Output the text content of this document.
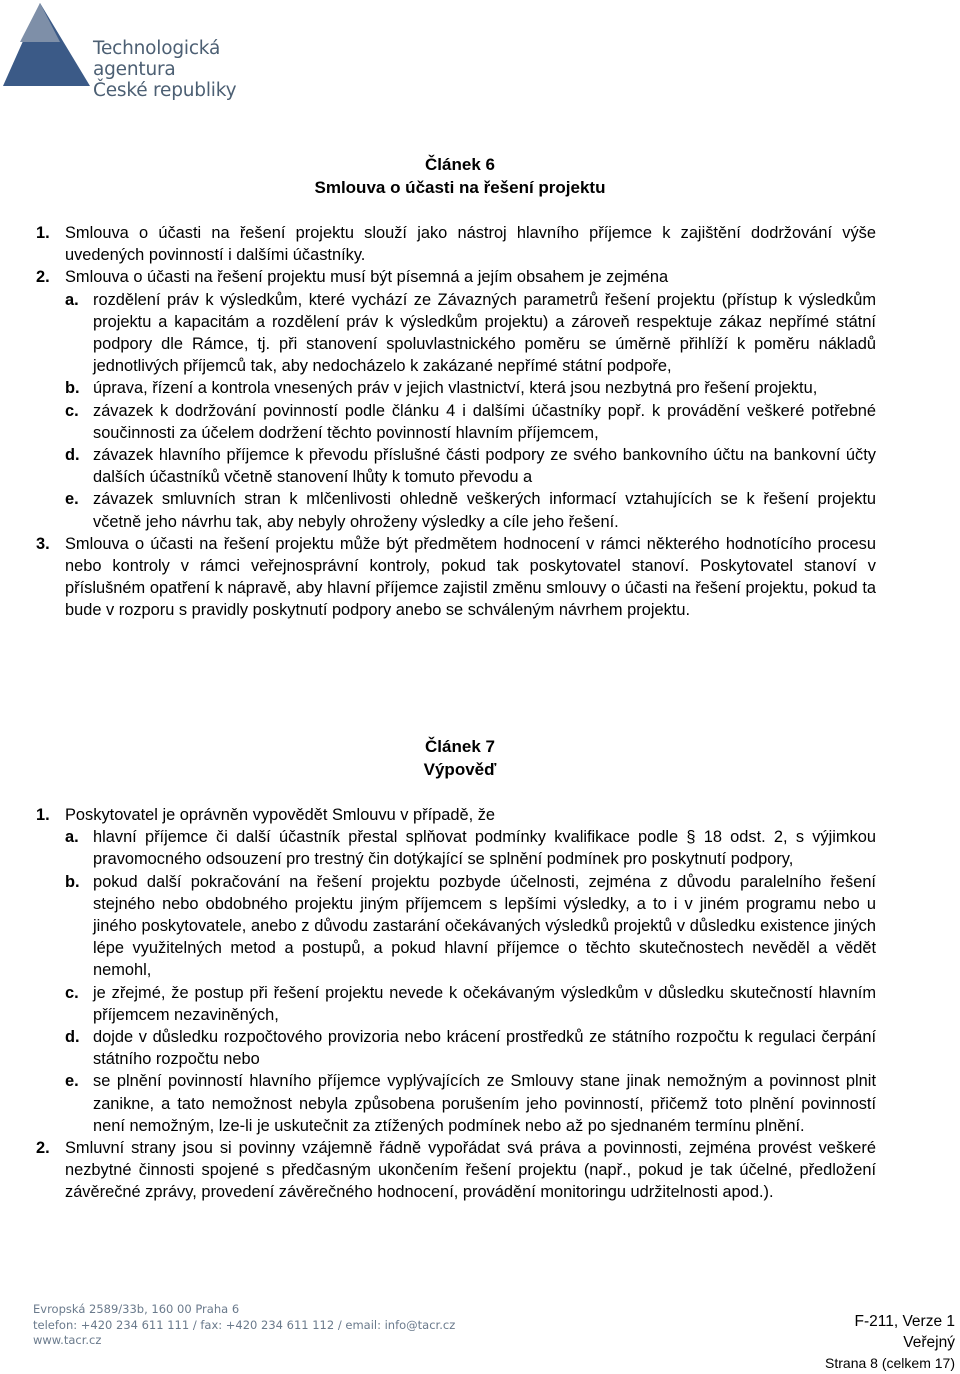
Technologická agentura
České republiky
Článek 6
Smlouva o účasti na řešení projektu
1. Smlouva o účasti na řešení projektu slouží jako nástroj hlavního příjemce k zajištění dodržování výše uvedených povinností i dalšími účastníky.
2. Smlouva o účasti na řešení projektu musí být písemná a jejím obsahem je zejména
a. rozdělení práv k výsledkům, které vychází ze Závazných parametrů řešení projektu (přístup k výsledkům projektu a kapacitám a rozdělení práv k výsledkům projektu) a zároveň respektuje zákaz nepřímé státní podpory dle Rámce, tj. při stanovení spoluvlastnického poměru se úměrně přihlíží k poměru nákladů jednotlivých příjemců tak, aby nedocházelo k zakázané nepřímé státní podpoře,
b. úprava, řízení a kontrola vnesených práv v jejich vlastnictví, která jsou nezbytná pro řešení projektu,
c. závazek k dodržování povinností podle článku 4 i dalšími účastníky popř. k provádění veškeré potřebné součinnosti za účelem dodržení těchto povinností hlavním příjemcem,
d. závazek hlavního příjemce k převodu příslušné části podpory ze svého bankovního účtu na bankovní účty dalších účastníků včetně stanovení lhůty k tomuto převodu a
e. závazek smluvních stran k mlčenlivosti ohledně veškerých informací vztahujících se k řešení projektu včetně jeho návrhu tak, aby nebyly ohroženy výsledky a cíle jeho řešení.
3. Smlouva o účasti na řešení projektu může být předmětem hodnocení v rámci některého hodnotícího procesu nebo kontroly v rámci veřejnosprávní kontroly, pokud tak poskytovatel stanoví. Poskytovatel stanoví v příslušném opatření k nápravě, aby hlavní příjemce zajistil změnu smlouvy o účasti na řešení projektu, pokud ta bude v rozporu s pravidly poskytnutí podpory anebo se schváleným návrhem projektu.
Článek 7
Výpověď
1. Poskytovatel je oprávněn vypovědět Smlouvu v případě, že
a. hlavní příjemce či další účastník přestal splňovat podmínky kvalifikace podle § 18 odst. 2, s výjimkou pravomocného odsouzení pro trestný čin dotýkající se splnění podmínek pro poskytnutí podpory,
b. pokud další pokračování na řešení projektu pozbyde účelnosti, zejména z důvodu paralelního řešení stejného nebo obdobného projektu jiným příjemcem s lepšími výsledky, a to i v jiném programu nebo u jiného poskytovatele, anebo z důvodu zastarání očekávaných výsledků projektů v důsledku existence jiných lépe využitelných metod a postupů, a pokud hlavní příjemce o těchto skutečnostech nevěděl a vědět nemohl,
c. je zřejmé, že postup při řešení projektu nevede k očekávaným výsledkům v důsledku skutečností hlavním příjemcem nezaviněných,
d. dojde v důsledku rozpočtového provizoria nebo krácení prostředků ze státního rozpočtu k regulaci čerpání státního rozpočtu nebo
e. se plnění povinností hlavního příjemce vyplývajících ze Smlouvy stane jinak nemožným a povinnost plnit zanikne, a tato nemožnost nebyla způsobena porušením jeho povinností, přičemž toto plnění povinností není nemožným, lze-li je uskutečnit za ztížených podmínek nebo až po sjednaném termínu plnění.
2. Smluvní strany jsou si povinny vzájemně řádně vypořádat svá práva a povinnosti, zejména provést veškeré nezbytné činnosti spojené s předčasným ukončením řešení projektu (např., pokud je tak účelné, předložení závěrečné zprávy, provedení závěrečného hodnocení, provádění monitoringu udržitelnosti apod.).
Evropská 2589/33b, 160 00 Praha 6
telefon: +420 234 611 111 / fax: +420 234 611 112 / email: info@tacr.cz
www.tacr.cz
F-211, Verze 1
Veřejný
Strana 8 (celkem 17)
